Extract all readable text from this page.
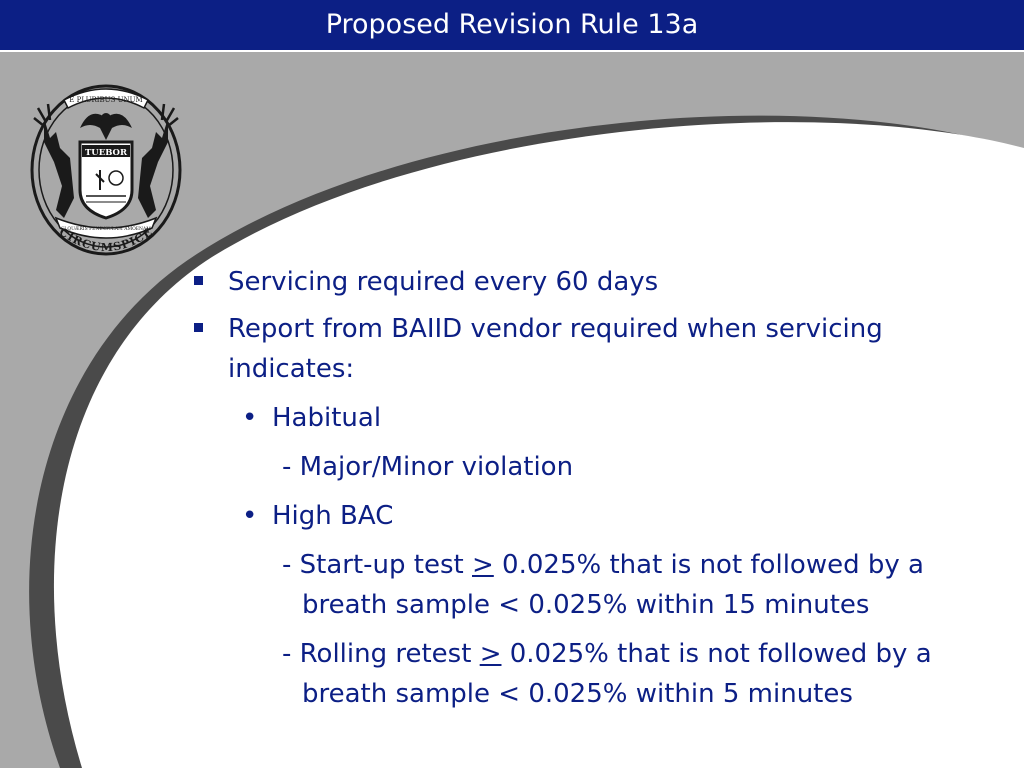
Proposed Revision Rule 13a
E PLURIBUS UNUM
TUEBOR
SI QUÆRIS PENINSULAM AMOENAM
CIRCUMSPICE
Servicing required every 60 days
Report from BAIID vendor required when servicing indicates:
• Habitual
- Major/Minor violation
• High BAC
- Start-up test ≥ 0.025% that is not followed by a breath sample < 0.025% within 15 minutes
- Rolling retest ≥ 0.025% that is not followed by a breath sample < 0.025% within 5 minutes
